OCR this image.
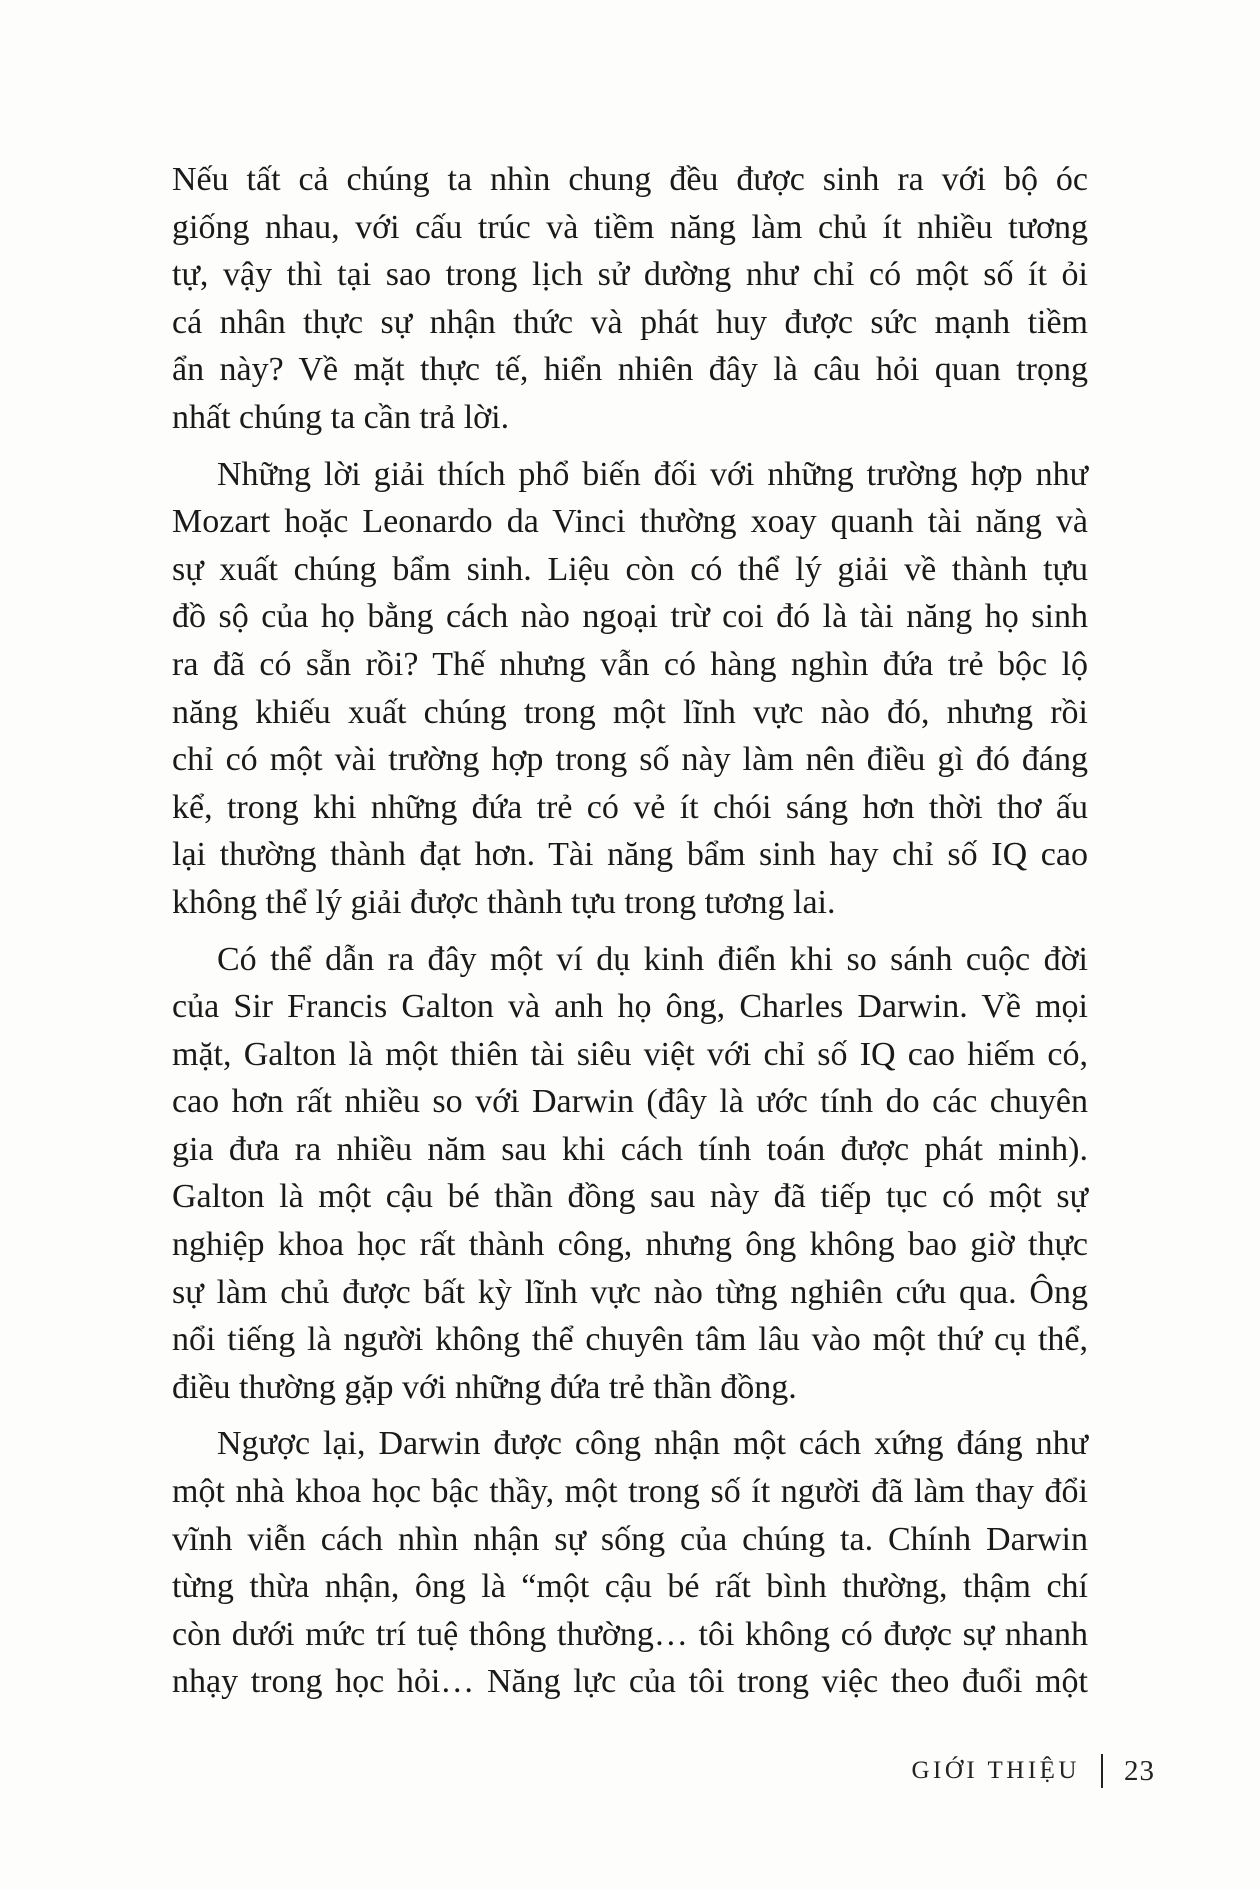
Nếu tất cả chúng ta nhìn chung đều được sinh ra với bộ óc
giống nhau, với cấu trúc và tiềm năng làm chủ ít nhiều tương
tự, vậy thì tại sao trong lịch sử dường như chỉ có một số ít ỏi
cá nhân thực sự nhận thức và phát huy được sức mạnh tiềm
ẩn này? Về mặt thực tế, hiển nhiên đây là câu hỏi quan trọng
nhất chúng ta cần trả lời.
Những lời giải thích phổ biến đối với những trường hợp như
Mozart hoặc Leonardo da Vinci thường xoay quanh tài năng và
sự xuất chúng bẩm sinh. Liệu còn có thể lý giải về thành tựu
đồ sộ của họ bằng cách nào ngoại trừ coi đó là tài năng họ sinh
ra đã có sẵn rồi? Thế nhưng vẫn có hàng nghìn đứa trẻ bộc lộ
năng khiếu xuất chúng trong một lĩnh vực nào đó, nhưng rồi
chỉ có một vài trường hợp trong số này làm nên điều gì đó đáng
kể, trong khi những đứa trẻ có vẻ ít chói sáng hơn thời thơ ấu
lại thường thành đạt hơn. Tài năng bẩm sinh hay chỉ số IQ cao
không thể lý giải được thành tựu trong tương lai.
Có thể dẫn ra đây một ví dụ kinh điển khi so sánh cuộc đời
của Sir Francis Galton và anh họ ông, Charles Darwin. Về mọi
mặt, Galton là một thiên tài siêu việt với chỉ số IQ cao hiếm có,
cao hơn rất nhiều so với Darwin (đây là ước tính do các chuyên
gia đưa ra nhiều năm sau khi cách tính toán được phát minh).
Galton là một cậu bé thần đồng sau này đã tiếp tục có một sự
nghiệp khoa học rất thành công, nhưng ông không bao giờ thực
sự làm chủ được bất kỳ lĩnh vực nào từng nghiên cứu qua. Ông
nổi tiếng là người không thể chuyên tâm lâu vào một thứ cụ thể,
điều thường gặp với những đứa trẻ thần đồng.
Ngược lại, Darwin được công nhận một cách xứng đáng như
một nhà khoa học bậc thầy, một trong số ít người đã làm thay đổi
vĩnh viễn cách nhìn nhận sự sống của chúng ta. Chính Darwin
từng thừa nhận, ông là “một cậu bé rất bình thường, thậm chí
còn dưới mức trí tuệ thông thường… tôi không có được sự nhanh
nhạy trong học hỏi… Năng lực của tôi trong việc theo đuổi một
GIỚI THIỆU 23
